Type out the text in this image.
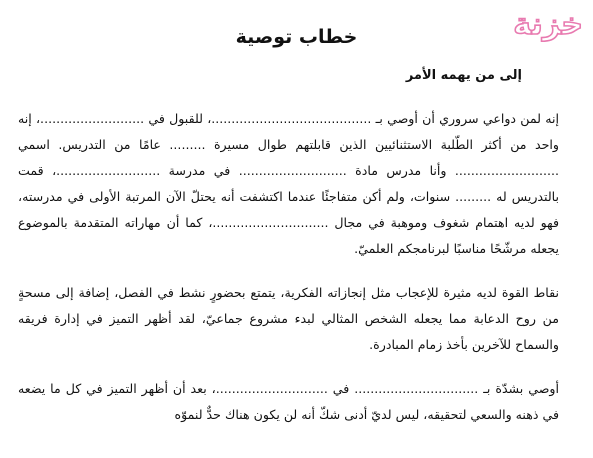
خزنة
خطاب توصية
إلى من يهمه الأمر

إنه لمن دواعي سروري أن أوصي بـ ........................................، للقبول في ..........................، إنه واحد من أكثر الطّلبة الاستثنائيين الذين قابلتهم طوال مسيرة ......... عامًا من التدريس. اسمي .......................... وأنا مدرس مادة ........................... في مدرسة ..........................، قمت بالتدريس له ......... سنوات، ولم أكن متفاجئًا عندما اكتشفت أنه يحتلّ الآن المرتبة الأولى في مدرسته، فهو لديه اهتمام شغوف وموهبة في مجال .............................، كما أن مهاراته المتقدمة بالموضوع يجعله مرشّحًا مناسبًا لبرنامجكم العلميّ.

نقاط القوة لديه مثيرة للإعجاب مثل إنجازاته الفكرية، يتمتع بحضورٍ نشط في الفصل، إضافة إلى مسحةٍ من روح الدعابة مما يجعله الشخص المثالي لبدء مشروع جماعيّ، لقد أظهر التميز في إدارة فريقه والسماح للآخرين بأخذ زمام المبادرة.

أوصي بشدّة بـ ............................... في ............................، بعد أن أظهر التميز في كل ما يضعه في ذهنه والسعي لتحقيقه، ليس لديّ أدنى شكّ أنه لن يكون هناك حدٌّ لنموّه
